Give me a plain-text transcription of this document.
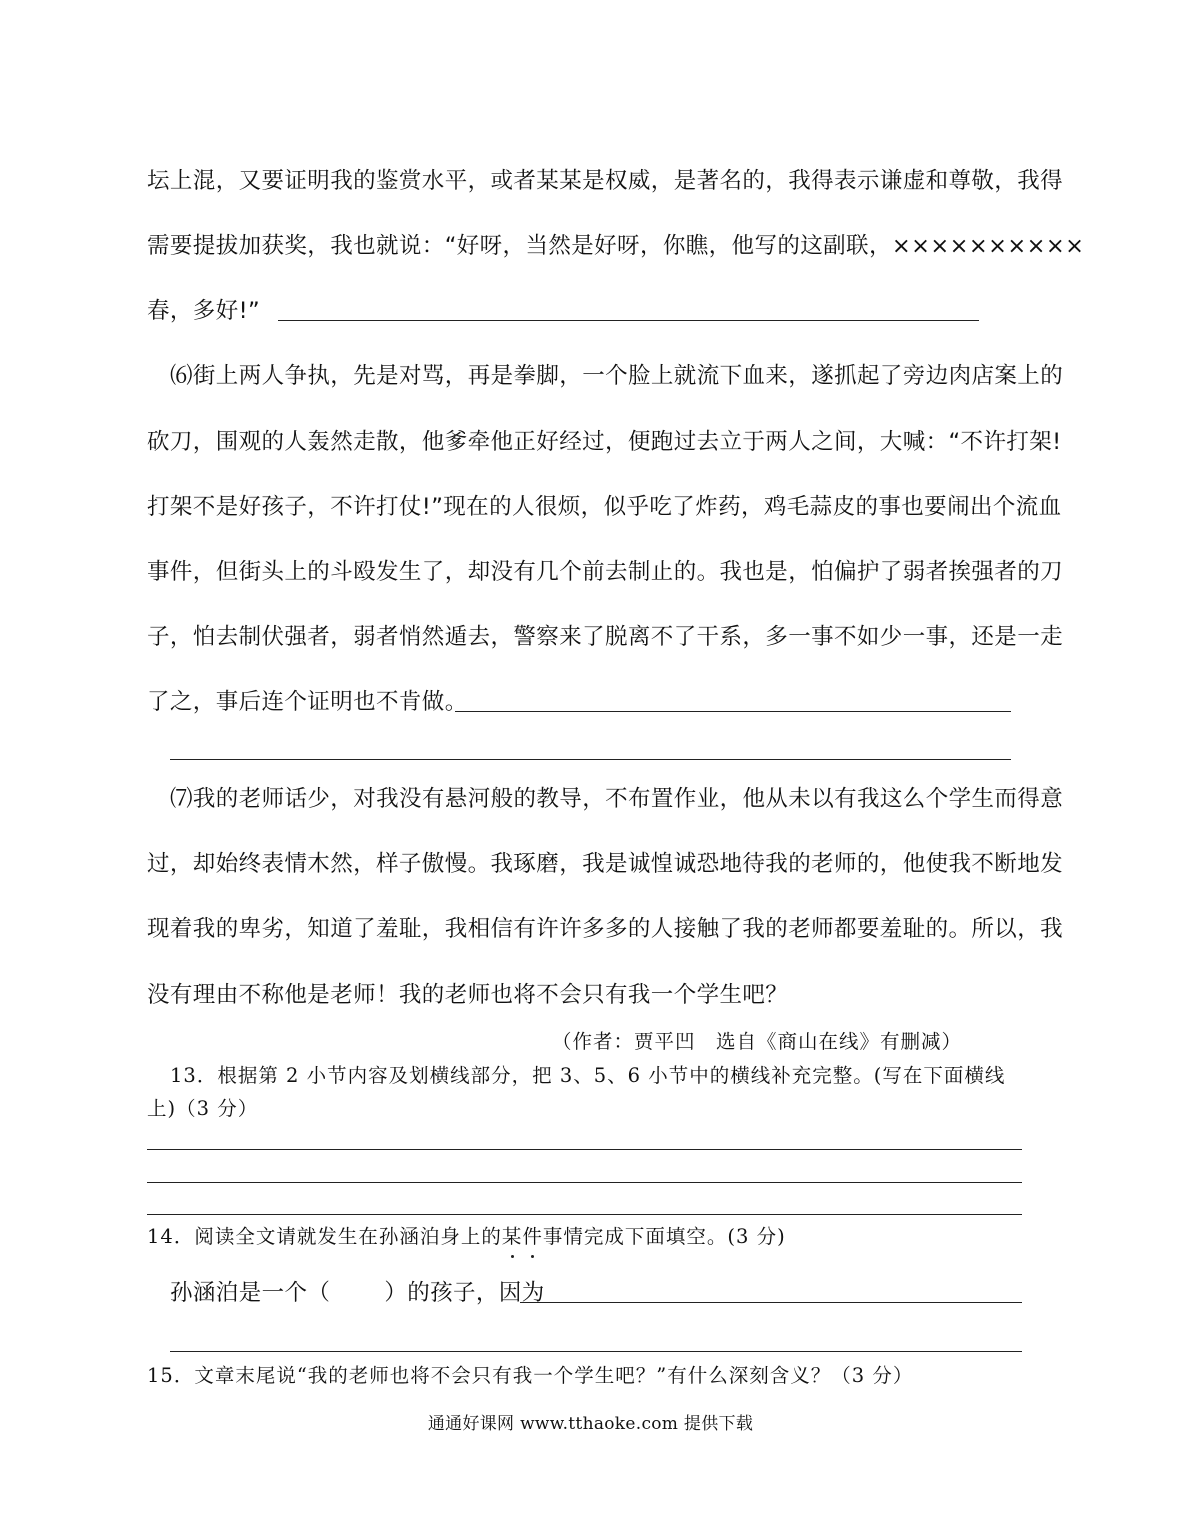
坛上混，又要证明我的鉴赏水平，或者某某是权威，是著名的，我得表示谦虚和尊敬，我得
需要提拔加获奖，我也就说：“好呀，当然是好呀，你瞧，他写的这副联，××××××××××
春，多好!”
⑹街上两人争执，先是对骂，再是拳脚，一个脸上就流下血来，遂抓起了旁边肉店案上的
砍刀，围观的人轰然走散，他爹牵他正好经过，便跑过去立于两人之间，大喊：“不许打架!
打架不是好孩子，不许打仗!”现在的人很烦，似乎吃了炸药，鸡毛蒜皮的事也要闹出个流血
事件，但街头上的斗殴发生了，却没有几个前去制止的。我也是，怕偏护了弱者挨强者的刀
子，怕去制伏强者，弱者悄然遁去，警察来了脱离不了干系，多一事不如少一事，还是一走
了之，事后连个证明也不肯做。
⑺我的老师话少，对我没有悬河般的教导，不布置作业，他从未以有我这么个学生而得意
过，却始终表情木然，样子傲慢。我琢磨，我是诚惶诚恐地待我的老师的，他使我不断地发
现着我的卑劣，知道了羞耻，我相信有许许多多的人接触了我的老师都要羞耻的。所以，我
没有理由不称他是老师！我的老师也将不会只有我一个学生吧？
（作者：贾平凹　选自《商山在线》有删减）
13．根据第 2 小节内容及划横线部分，把 3、5、6 小节中的横线补充完整。(写在下面横线
上)（3 分）
14．阅读全文请就发生在孙涵泊身上的某件事情完成下面填空。(3 分)
孙涵泊是一个（ ）的孩子，因为
15．文章末尾说“我的老师也将不会只有我一个学生吧？”有什么深刻含义？（3 分）
通通好课网 www.tthaoke.com 提供下载
